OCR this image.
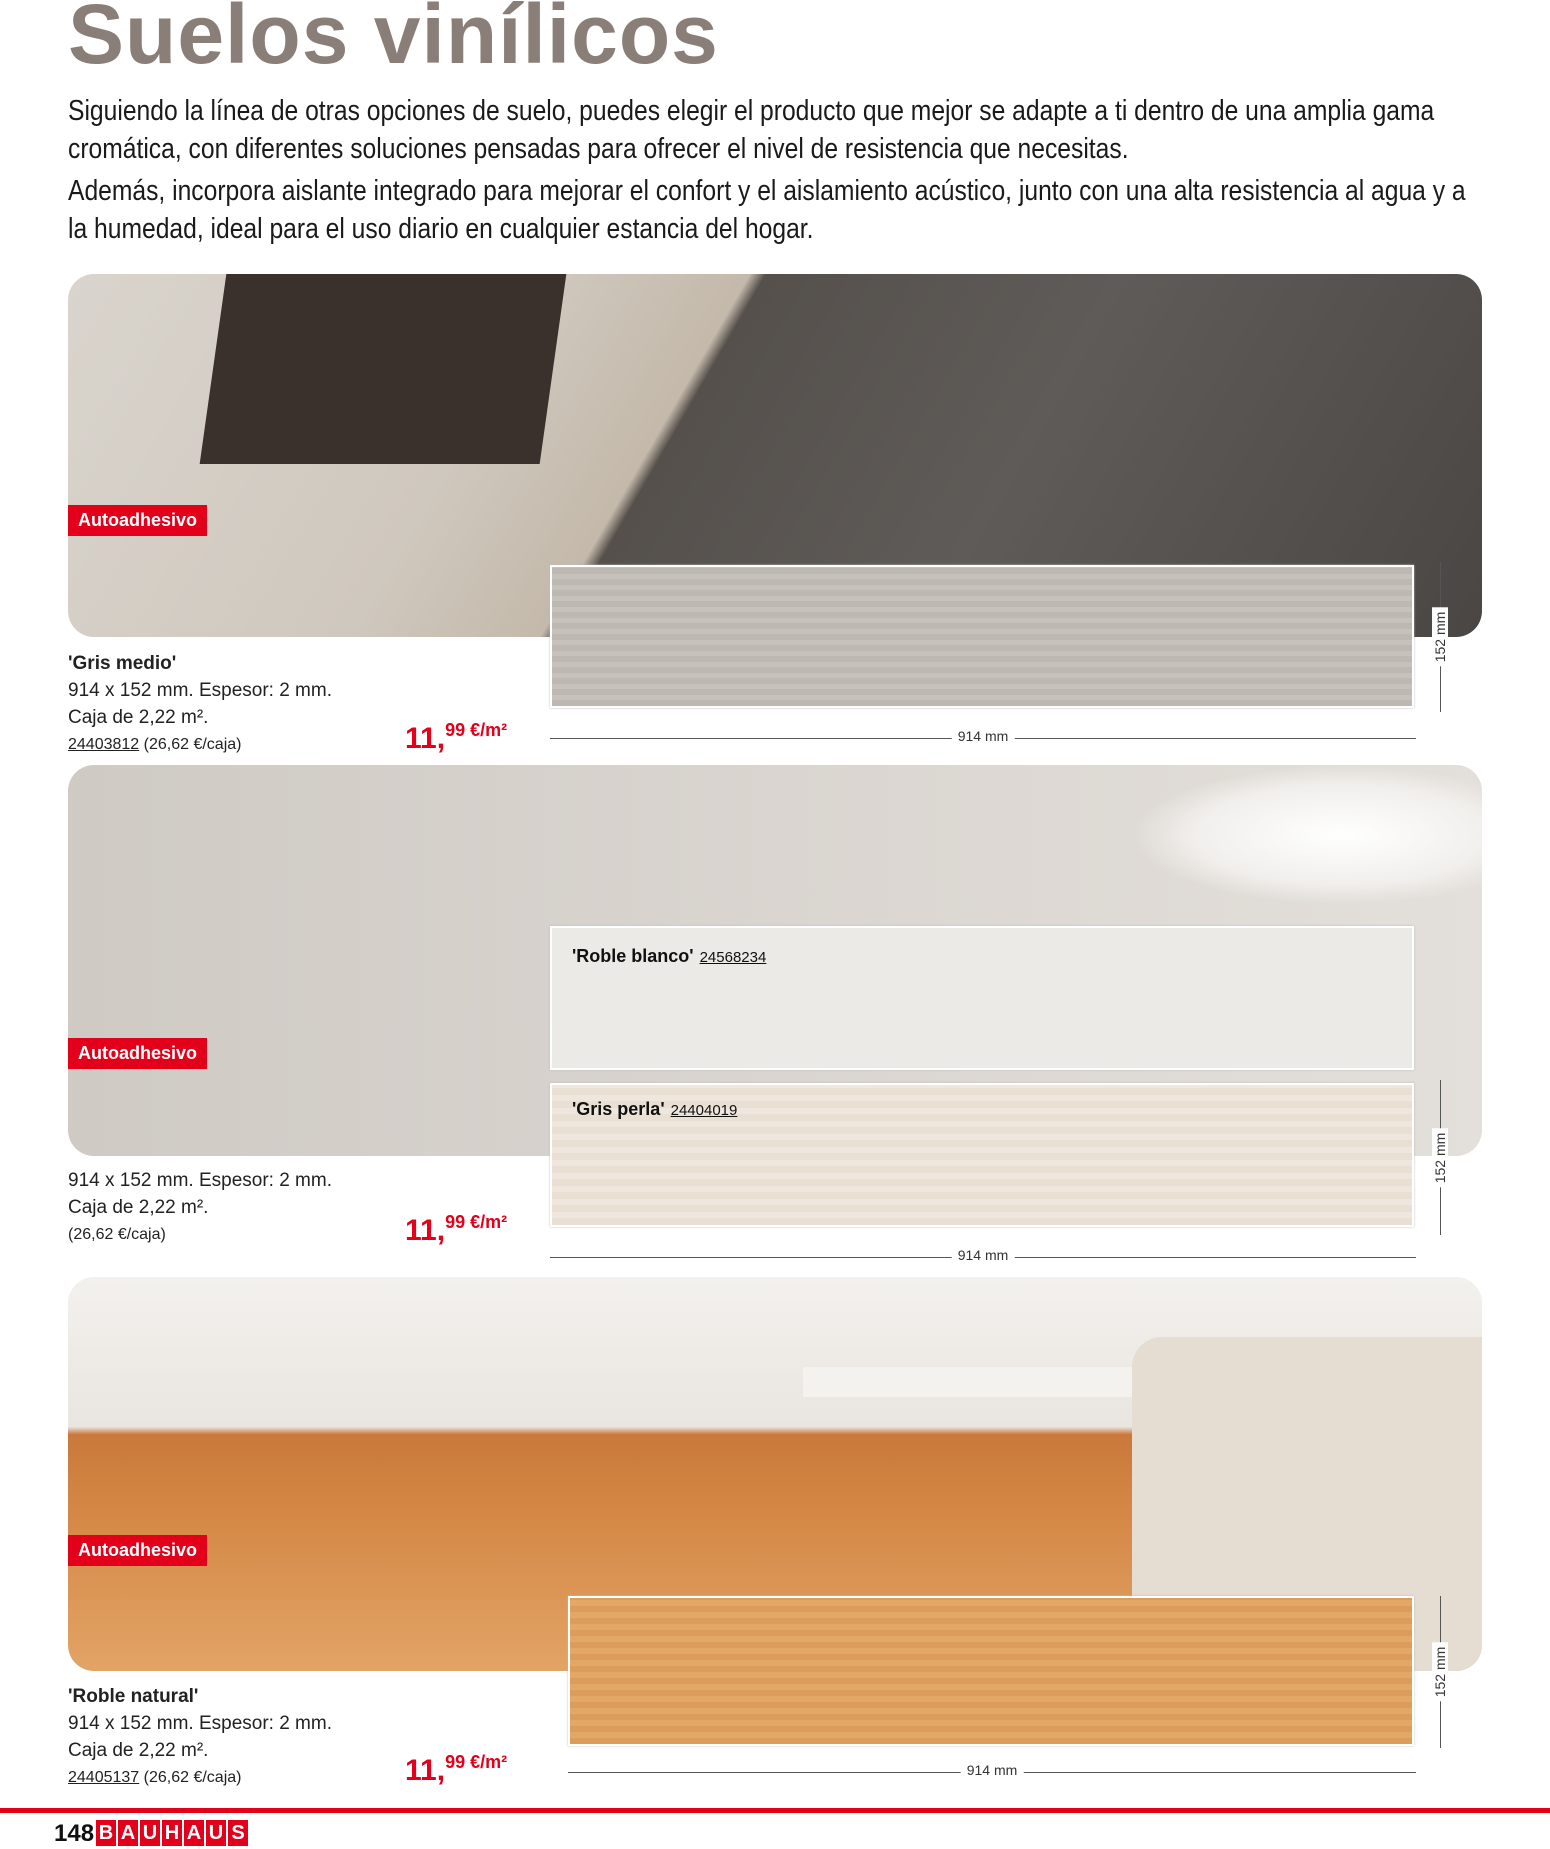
Suelos vinílicos

Siguiendo la línea de otras opciones de suelo, puedes elegir el producto que mejor se adapte a ti dentro de una amplia gama cromática, con diferentes soluciones pensadas para ofrecer el nivel de resistencia que necesitas.

Además, incorpora aislante integrado para mejorar el confort y el aislamiento acústico, junto con una alta resistencia al agua y a la humedad, ideal para el uso diario en cualquier estancia del hogar.

Autoadhesivo
152 mm
914 mm
'Gris medio'
914 x 152 mm. Espesor: 2 mm.
Caja de 2,22 m².
24403812 (26,62 €/caja)	11,$^{99 €/m^2}$
Autoadhesivo
'Roble blanco' 24568234
'Gris perla' 24404019
152 mm
914 mm
914 x 152 mm. Espesor: 2 mm.
Caja de 2,22 m².
(26,62 €/caja)	11,$^{99 €/m^2}$
Autoadhesivo
152 mm
914 mm
'Roble natural'
914 x 152 mm. Espesor: 2 mm.
Caja de 2,22 m².
24405137 (26,62 €/caja)	11,$^{99 €/m^2}$
148 B A U H A U S
